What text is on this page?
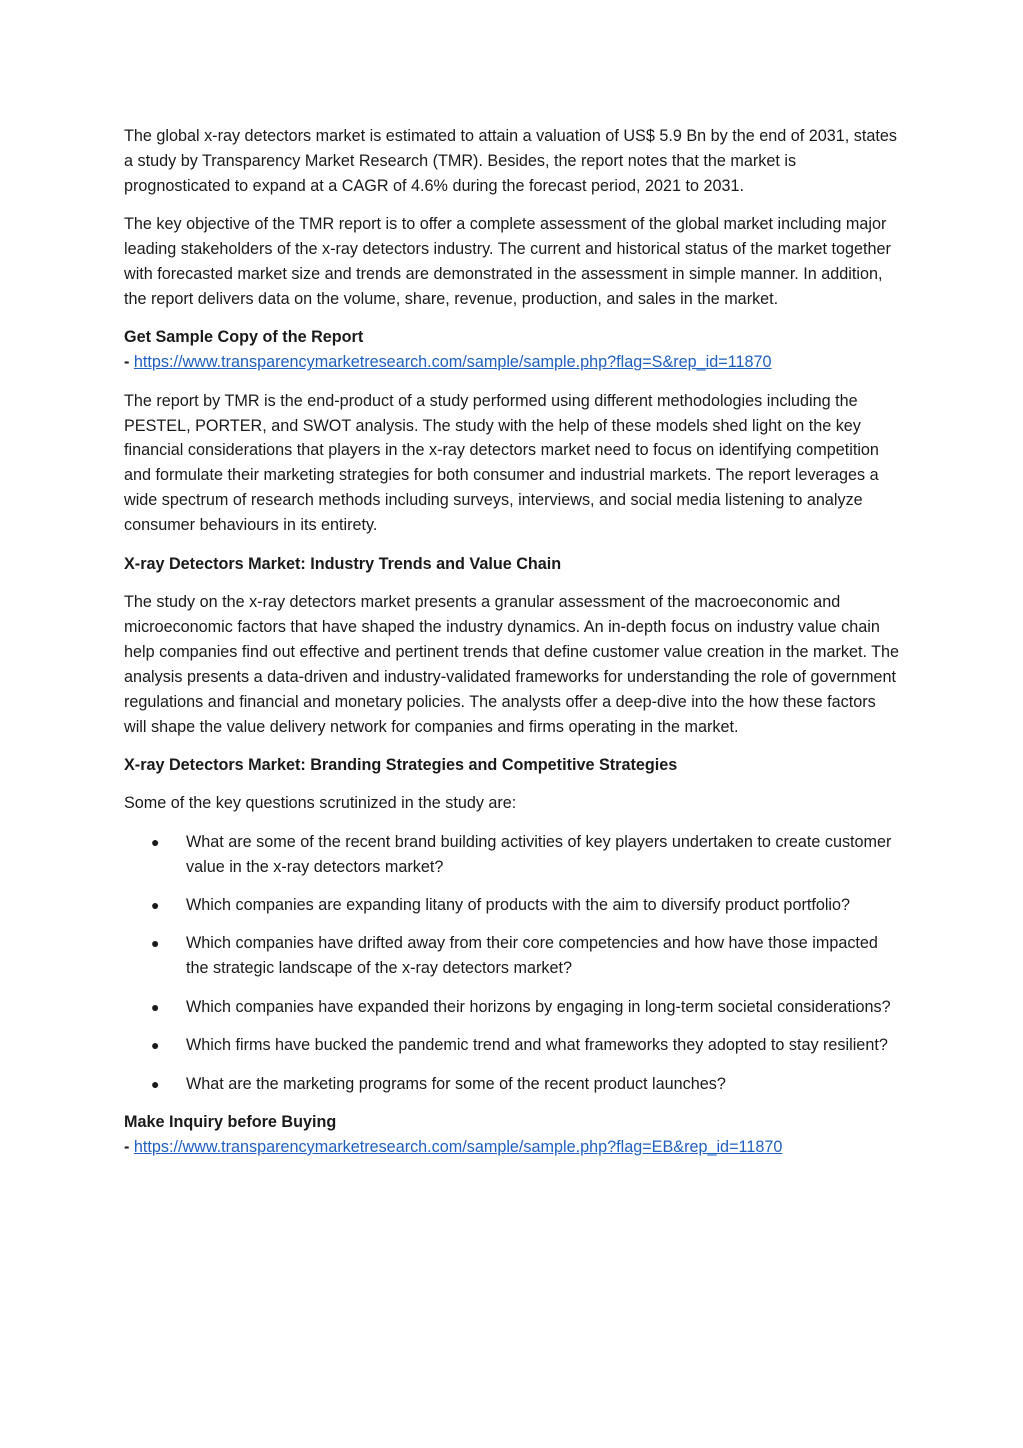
The global x-ray detectors market is estimated to attain a valuation of US$ 5.9 Bn by the end of 2031, states a study by Transparency Market Research (TMR). Besides, the report notes that the market is prognosticated to expand at a CAGR of 4.6% during the forecast period, 2021 to 2031.

The key objective of the TMR report is to offer a complete assessment of the global market including major leading stakeholders of the x-ray detectors industry. The current and historical status of the market together with forecasted market size and trends are demonstrated in the assessment in simple manner. In addition, the report delivers data on the volume, share, revenue, production, and sales in the market.

Get Sample Copy of the Report

- https://www.transparencymarketresearch.com/sample/sample.php?flag=S&rep_id=11870

The report by TMR is the end-product of a study performed using different methodologies including the PESTEL, PORTER, and SWOT analysis. The study with the help of these models shed light on the key financial considerations that players in the x-ray detectors market need to focus on identifying competition and formulate their marketing strategies for both consumer and industrial markets. The report leverages a wide spectrum of research methods including surveys, interviews, and social media listening to analyze consumer behaviours in its entirety.

X-ray Detectors Market: Industry Trends and Value Chain

The study on the x-ray detectors market presents a granular assessment of the macroeconomic and microeconomic factors that have shaped the industry dynamics. An in-depth focus on industry value chain help companies find out effective and pertinent trends that define customer value creation in the market. The analysis presents a data-driven and industry-validated frameworks for understanding the role of government regulations and financial and monetary policies. The analysts offer a deep-dive into the how these factors will shape the value delivery network for companies and firms operating in the market.

X-ray Detectors Market: Branding Strategies and Competitive Strategies

Some of the key questions scrutinized in the study are:

● What are some of the recent brand building activities of key players undertaken to create customer value in the x-ray detectors market?
● Which companies are expanding litany of products with the aim to diversify product portfolio?
● Which companies have drifted away from their core competencies and how have those impacted the strategic landscape of the x-ray detectors market?
● Which companies have expanded their horizons by engaging in long-term societal considerations?
● Which firms have bucked the pandemic trend and what frameworks they adopted to stay resilient?
● What are the marketing programs for some of the recent product launches?

Make Inquiry before Buying

- https://www.transparencymarketresearch.com/sample/sample.php?flag=EB&rep_id=11870
